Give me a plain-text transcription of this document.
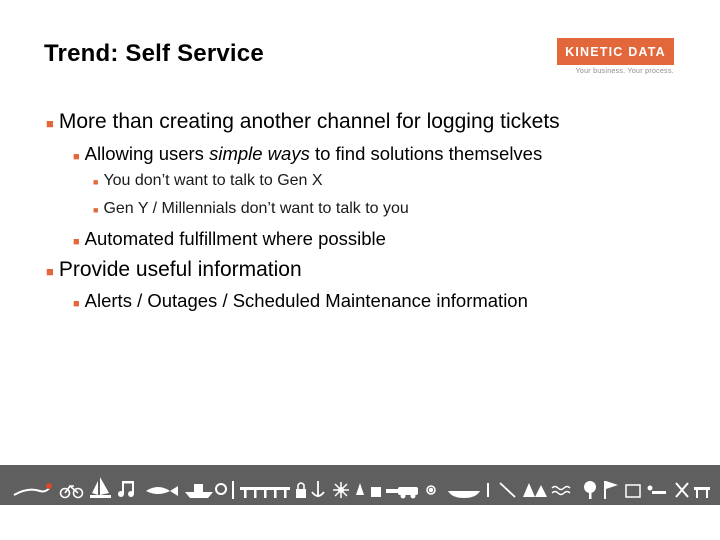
Trend: Self Service	KINETIC DATA
Your business. Your process.
■ More than creating another channel for logging tickets
■ Allowing users simple ways to find solutions themselves
■ You don’t want to talk to Gen X
■ Gen Y / Millennials don’t want to talk to you
■ Automated fulfillment where possible
■ Provide useful information
■ Alerts / Outages / Scheduled Maintenance information
